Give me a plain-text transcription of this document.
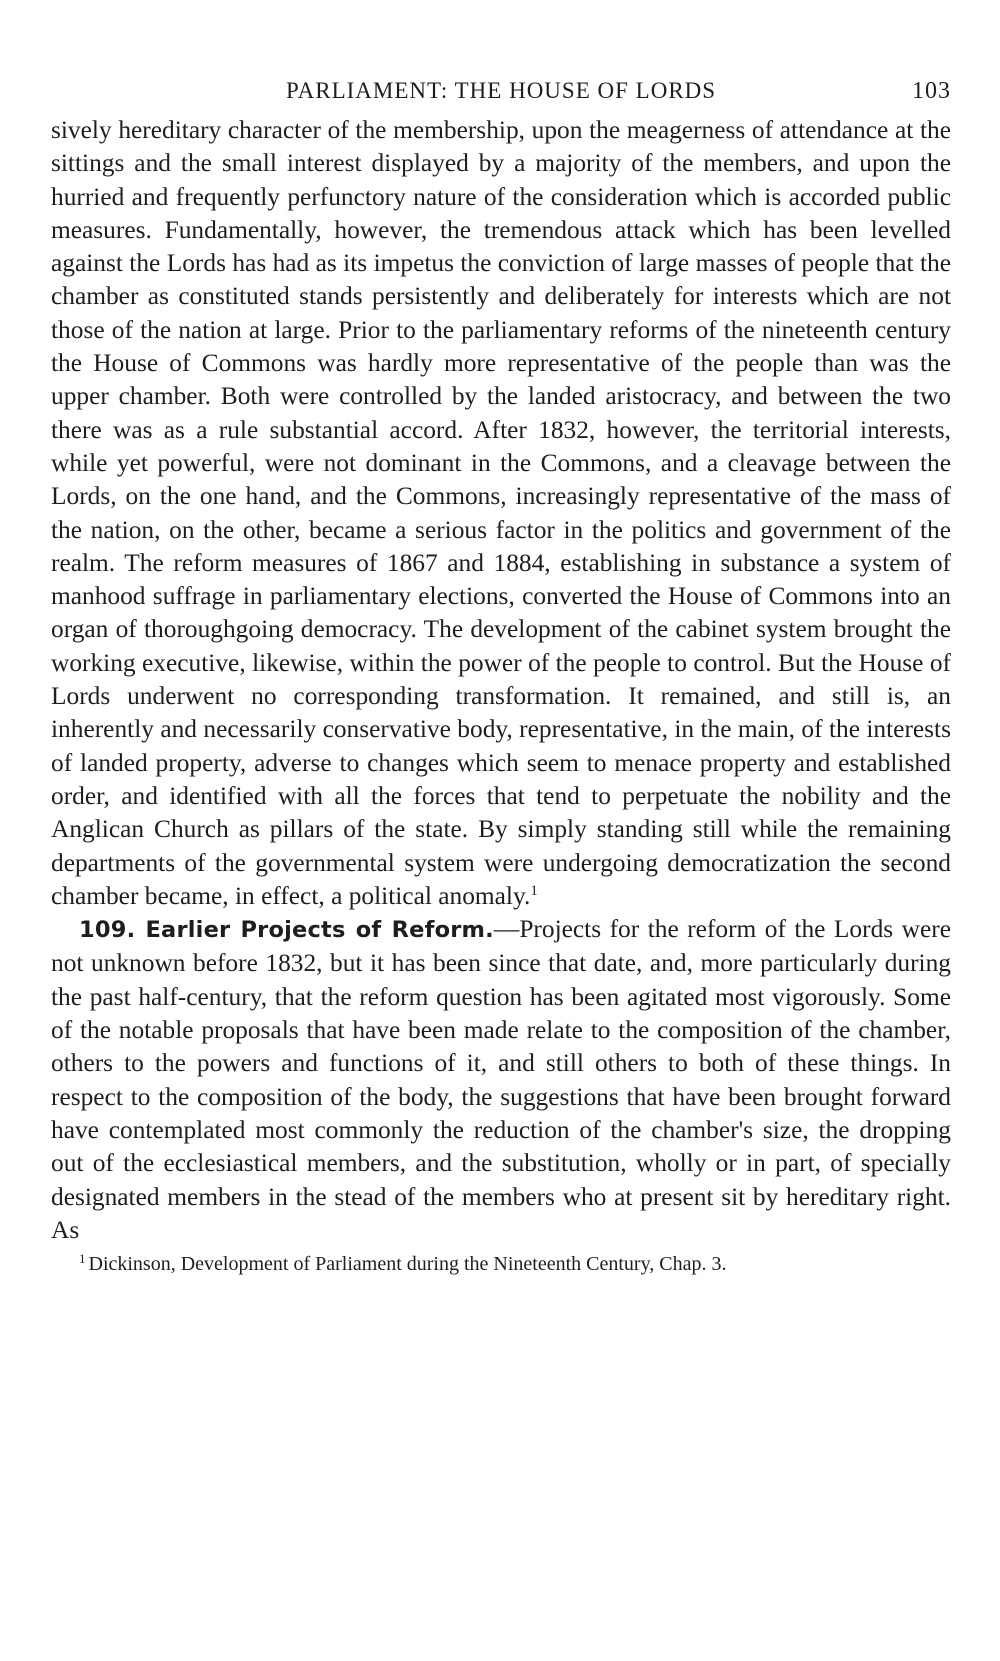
PARLIAMENT: THE HOUSE OF LORDS	103

sively hereditary character of the membership, upon the meagerness of attendance at the sittings and the small interest displayed by a majority of the members, and upon the hurried and frequently perfunctory nature of the consideration which is accorded public measures. Fundamentally, however, the tremendous attack which has been levelled against the Lords has had as its impetus the conviction of large masses of people that the chamber as constituted stands persistently and deliberately for interests which are not those of the nation at large. Prior to the parliamentary reforms of the nineteenth century the House of Commons was hardly more representative of the people than was the upper chamber. Both were controlled by the landed aristocracy, and between the two there was as a rule substantial accord. After 1832, however, the territorial interests, while yet powerful, were not dominant in the Commons, and a cleavage between the Lords, on the one hand, and the Commons, increasingly representative of the mass of the nation, on the other, became a serious factor in the politics and government of the realm. The reform measures of 1867 and 1884, establishing in substance a system of manhood suffrage in parliamentary elections, converted the House of Commons into an organ of thoroughgoing democracy. The development of the cabinet system brought the working executive, likewise, within the power of the people to control. But the House of Lords underwent no corresponding transformation. It remained, and still is, an inherently and necessarily conservative body, representative, in the main, of the interests of landed property, adverse to changes which seem to menace property and established order, and identified with all the forces that tend to perpetuate the nobility and the Anglican Church as pillars of the state. By simply standing still while the remaining departments of the governmental system were undergoing democratization the second chamber became, in effect, a political anomaly.$^1$

109. Earlier Projects of Reform.—Projects for the reform of the Lords were not unknown before 1832, but it has been since that date, and, more particularly during the past half-century, that the reform question has been agitated most vigorously. Some of the notable proposals that have been made relate to the composition of the chamber, others to the powers and functions of it, and still others to both of these things. In respect to the composition of the body, the suggestions that have been brought forward have contemplated most commonly the reduction of the chamber's size, the dropping out of the ecclesiastical members, and the substitution, wholly or in part, of specially designated members in the stead of the members who at present sit by hereditary right. As

$^1$ Dickinson, Development of Parliament during the Nineteenth Century, Chap. 3.
